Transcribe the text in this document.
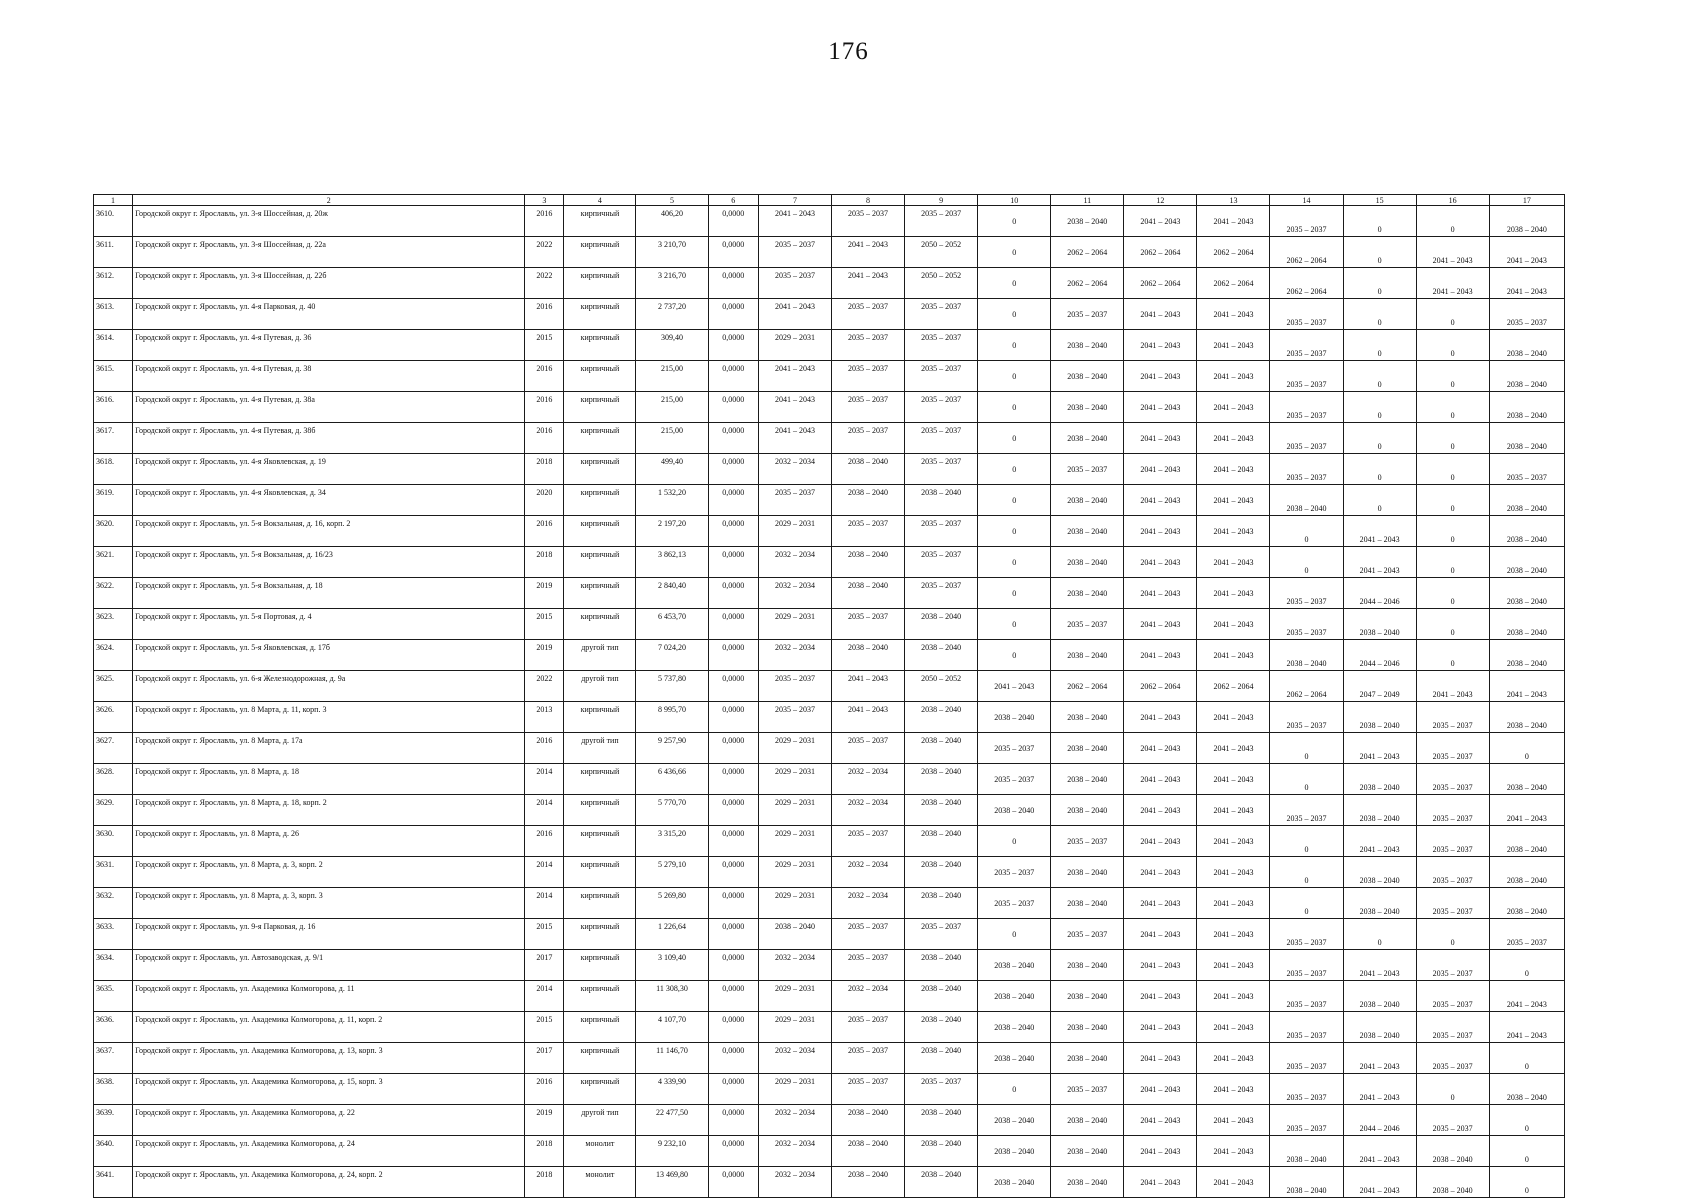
176
1	2	3	4	5	6	7	8	9	10	11	12	13	14	15	16	17
3610.	Городской округ г. Ярославль, ул. 3-я Шоссейная, д. 20ж	2016	кирпичный	406,20	0,0000	2041 – 2043	2035 – 2037	2035 – 2037	0	2038 – 2040	2041 – 2043	2041 – 2043	2035 – 2037	0	0	2038 – 2040
3611.	Городской округ г. Ярославль, ул. 3-я Шоссейная, д. 22а	2022	кирпичный	3 210,70	0,0000	2035 – 2037	2041 – 2043	2050 – 2052	0	2062 – 2064	2062 – 2064	2062 – 2064	2062 – 2064	0	2041 – 2043	2041 – 2043
3612.	Городской округ г. Ярославль, ул. 3-я Шоссейная, д. 22б	2022	кирпичный	3 216,70	0,0000	2035 – 2037	2041 – 2043	2050 – 2052	0	2062 – 2064	2062 – 2064	2062 – 2064	2062 – 2064	0	2041 – 2043	2041 – 2043
3613.	Городской округ г. Ярославль, ул. 4-я Парковая, д. 40	2016	кирпичный	2 737,20	0,0000	2041 – 2043	2035 – 2037	2035 – 2037	0	2035 – 2037	2041 – 2043	2041 – 2043	2035 – 2037	0	0	2035 – 2037
3614.	Городской округ г. Ярославль, ул. 4-я Путевая, д. 36	2015	кирпичный	309,40	0,0000	2029 – 2031	2035 – 2037	2035 – 2037	0	2038 – 2040	2041 – 2043	2041 – 2043	2035 – 2037	0	0	2038 – 2040
3615.	Городской округ г. Ярославль, ул. 4-я Путевая, д. 38	2016	кирпичный	215,00	0,0000	2041 – 2043	2035 – 2037	2035 – 2037	0	2038 – 2040	2041 – 2043	2041 – 2043	2035 – 2037	0	0	2038 – 2040
3616.	Городской округ г. Ярославль, ул. 4-я Путевая, д. 38а	2016	кирпичный	215,00	0,0000	2041 – 2043	2035 – 2037	2035 – 2037	0	2038 – 2040	2041 – 2043	2041 – 2043	2035 – 2037	0	0	2038 – 2040
3617.	Городской округ г. Ярославль, ул. 4-я Путевая, д. 38б	2016	кирпичный	215,00	0,0000	2041 – 2043	2035 – 2037	2035 – 2037	0	2038 – 2040	2041 – 2043	2041 – 2043	2035 – 2037	0	0	2038 – 2040
3618.	Городской округ г. Ярославль, ул. 4-я Яковлевская, д. 19	2018	кирпичный	499,40	0,0000	2032 – 2034	2038 – 2040	2035 – 2037	0	2035 – 2037	2041 – 2043	2041 – 2043	2035 – 2037	0	0	2035 – 2037
3619.	Городской округ г. Ярославль, ул. 4-я Яковлевская, д. 34	2020	кирпичный	1 532,20	0,0000	2035 – 2037	2038 – 2040	2038 – 2040	0	2038 – 2040	2041 – 2043	2041 – 2043	2038 – 2040	0	0	2038 – 2040
3620.	Городской округ г. Ярославль, ул. 5-я Вокзальная, д. 16, корп. 2	2016	кирпичный	2 197,20	0,0000	2029 – 2031	2035 – 2037	2035 – 2037	0	2038 – 2040	2041 – 2043	2041 – 2043	0	2041 – 2043	0	2038 – 2040
3621.	Городской округ г. Ярославль, ул. 5-я Вокзальная, д. 16/23	2018	кирпичный	3 862,13	0,0000	2032 – 2034	2038 – 2040	2035 – 2037	0	2038 – 2040	2041 – 2043	2041 – 2043	0	2041 – 2043	0	2038 – 2040
3622.	Городской округ г. Ярославль, ул. 5-я Вокзальная, д. 18	2019	кирпичный	2 840,40	0,0000	2032 – 2034	2038 – 2040	2035 – 2037	0	2038 – 2040	2041 – 2043	2041 – 2043	2035 – 2037	2044 – 2046	0	2038 – 2040
3623.	Городской округ г. Ярославль, ул. 5-я Портовая, д. 4	2015	кирпичный	6 453,70	0,0000	2029 – 2031	2035 – 2037	2038 – 2040	0	2035 – 2037	2041 – 2043	2041 – 2043	2035 – 2037	2038 – 2040	0	2038 – 2040
3624.	Городской округ г. Ярославль, ул. 5-я Яковлевская, д. 17б	2019	другой тип	7 024,20	0,0000	2032 – 2034	2038 – 2040	2038 – 2040	0	2038 – 2040	2041 – 2043	2041 – 2043	2038 – 2040	2044 – 2046	0	2038 – 2040
3625.	Городской округ г. Ярославль, ул. 6-я Железнодорожная, д. 9а	2022	другой тип	5 737,80	0,0000	2035 – 2037	2041 – 2043	2050 – 2052	2041 – 2043	2062 – 2064	2062 – 2064	2062 – 2064	2062 – 2064	2047 – 2049	2041 – 2043	2041 – 2043
3626.	Городской округ г. Ярославль, ул. 8 Марта, д. 11, корп. 3	2013	кирпичный	8 995,70	0,0000	2035 – 2037	2041 – 2043	2038 – 2040	2038 – 2040	2038 – 2040	2041 – 2043	2041 – 2043	2035 – 2037	2038 – 2040	2035 – 2037	2038 – 2040
3627.	Городской округ г. Ярославль, ул. 8 Марта, д. 17а	2016	другой тип	9 257,90	0,0000	2029 – 2031	2035 – 2037	2038 – 2040	2035 – 2037	2038 – 2040	2041 – 2043	2041 – 2043	0	2041 – 2043	2035 – 2037	0
3628.	Городской округ г. Ярославль, ул. 8 Марта, д. 18	2014	кирпичный	6 436,66	0,0000	2029 – 2031	2032 – 2034	2038 – 2040	2035 – 2037	2038 – 2040	2041 – 2043	2041 – 2043	0	2038 – 2040	2035 – 2037	2038 – 2040
3629.	Городской округ г. Ярославль, ул. 8 Марта, д. 18, корп. 2	2014	кирпичный	5 770,70	0,0000	2029 – 2031	2032 – 2034	2038 – 2040	2038 – 2040	2038 – 2040	2041 – 2043	2041 – 2043	2035 – 2037	2038 – 2040	2035 – 2037	2041 – 2043
3630.	Городской округ г. Ярославль, ул. 8 Марта, д. 26	2016	кирпичный	3 315,20	0,0000	2029 – 2031	2035 – 2037	2038 – 2040	0	2035 – 2037	2041 – 2043	2041 – 2043	0	2041 – 2043	2035 – 2037	2038 – 2040
3631.	Городской округ г. Ярославль, ул. 8 Марта, д. 3, корп. 2	2014	кирпичный	5 279,10	0,0000	2029 – 2031	2032 – 2034	2038 – 2040	2035 – 2037	2038 – 2040	2041 – 2043	2041 – 2043	0	2038 – 2040	2035 – 2037	2038 – 2040
3632.	Городской округ г. Ярославль, ул. 8 Марта, д. 3, корп. 3	2014	кирпичный	5 269,80	0,0000	2029 – 2031	2032 – 2034	2038 – 2040	2035 – 2037	2038 – 2040	2041 – 2043	2041 – 2043	0	2038 – 2040	2035 – 2037	2038 – 2040
3633.	Городской округ г. Ярославль, ул. 9-я Парковая, д. 16	2015	кирпичный	1 226,64	0,0000	2038 – 2040	2035 – 2037	2035 – 2037	0	2035 – 2037	2041 – 2043	2041 – 2043	2035 – 2037	0	0	2035 – 2037
3634.	Городской округ г. Ярославль, ул. Автозаводская, д. 9/1	2017	кирпичный	3 109,40	0,0000	2032 – 2034	2035 – 2037	2038 – 2040	2038 – 2040	2038 – 2040	2041 – 2043	2041 – 2043	2035 – 2037	2041 – 2043	2035 – 2037	0
3635.	Городской округ г. Ярославль, ул. Академика Колмогорова, д. 11	2014	кирпичный	11 308,30	0,0000	2029 – 2031	2032 – 2034	2038 – 2040	2038 – 2040	2038 – 2040	2041 – 2043	2041 – 2043	2035 – 2037	2038 – 2040	2035 – 2037	2041 – 2043
3636.	Городской округ г. Ярославль, ул. Академика Колмогорова, д. 11, корп. 2	2015	кирпичный	4 107,70	0,0000	2029 – 2031	2035 – 2037	2038 – 2040	2038 – 2040	2038 – 2040	2041 – 2043	2041 – 2043	2035 – 2037	2038 – 2040	2035 – 2037	2041 – 2043
3637.	Городской округ г. Ярославль, ул. Академика Колмогорова, д. 13, корп. 3	2017	кирпичный	11 146,70	0,0000	2032 – 2034	2035 – 2037	2038 – 2040	2038 – 2040	2038 – 2040	2041 – 2043	2041 – 2043	2035 – 2037	2041 – 2043	2035 – 2037	0
3638.	Городской округ г. Ярославль, ул. Академика Колмогорова, д. 15, корп. 3	2016	кирпичный	4 339,90	0,0000	2029 – 2031	2035 – 2037	2035 – 2037	0	2035 – 2037	2041 – 2043	2041 – 2043	2035 – 2037	2041 – 2043	0	2038 – 2040
3639.	Городской округ г. Ярославль, ул. Академика Колмогорова, д. 22	2019	другой тип	22 477,50	0,0000	2032 – 2034	2038 – 2040	2038 – 2040	2038 – 2040	2038 – 2040	2041 – 2043	2041 – 2043	2035 – 2037	2044 – 2046	2035 – 2037	0
3640.	Городской округ г. Ярославль, ул. Академика Колмогорова, д. 24	2018	монолит	9 232,10	0,0000	2032 – 2034	2038 – 2040	2038 – 2040	2038 – 2040	2038 – 2040	2041 – 2043	2041 – 2043	2038 – 2040	2041 – 2043	2038 – 2040	0
3641.	Городской округ г. Ярославль, ул. Академика Колмогорова, д. 24, корп. 2	2018	монолит	13 469,80	0,0000	2032 – 2034	2038 – 2040	2038 – 2040	2038 – 2040	2038 – 2040	2041 – 2043	2041 – 2043	2038 – 2040	2041 – 2043	2038 – 2040	0
